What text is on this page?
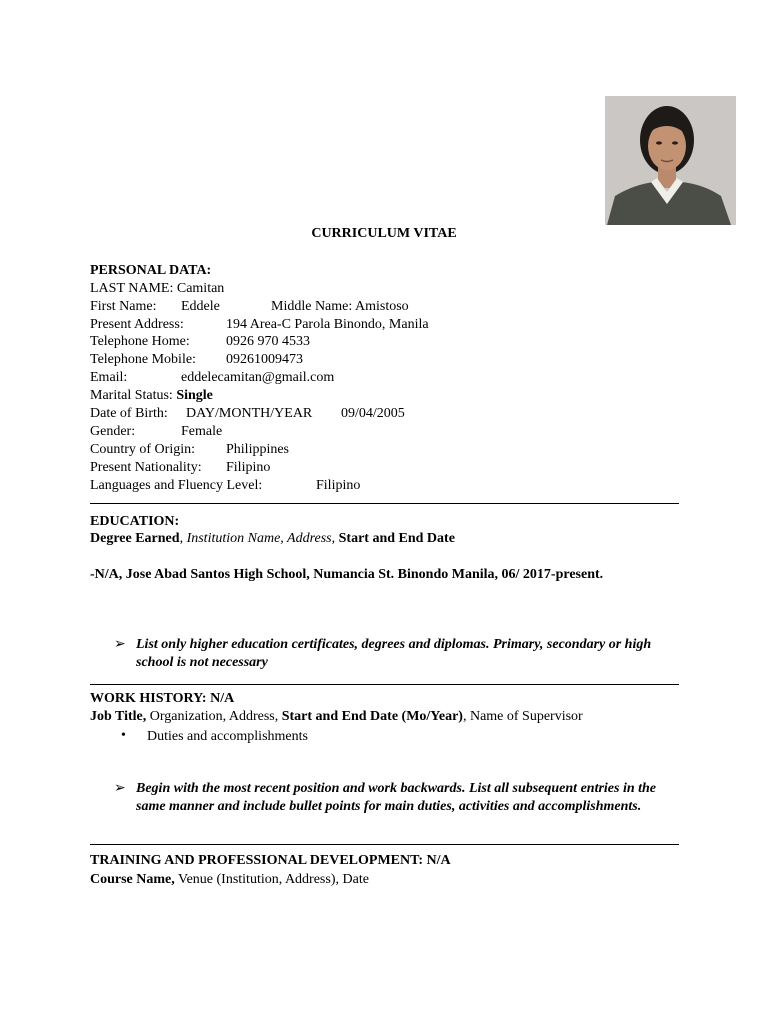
CURRICULUM VITAE
PERSONAL DATA:
LAST NAME: Camitan
First Name: Eddele	Middle Name: Amistoso
Present Address:	194 Area-C Parola Binondo, Manila
Telephone Home:	0926 970 4533
Telephone Mobile: 09261009473
Email:	eddelecamitan@gmail.com
Marital Status: Single
Date of Birth: DAY/MONTH/YEAR 09/04/2005
Gender:	Female
Country of Origin: Philippines
Present Nationality: Filipino
Languages and Fluency Level:	Filipino
EDUCATION:
Degree Earned, Institution Name, Address, Start and End Date
-N/A, Jose Abad Santos High School, Numancia St. Binondo Manila, 06/ 2017-present.
➢ List only higher education certificates, degrees and diplomas. Primary, secondary or high school is not necessary
WORK HISTORY: N/A
Job Title, Organization, Address, Start and End Date (Mo/Year), Name of Supervisor
• Duties and accomplishments
➢ Begin with the most recent position and work backwards. List all subsequent entries in the same manner and include bullet points for main duties, activities and accomplishments.
TRAINING AND PROFESSIONAL DEVELOPMENT: N/A
Course Name, Venue (Institution, Address), Date
